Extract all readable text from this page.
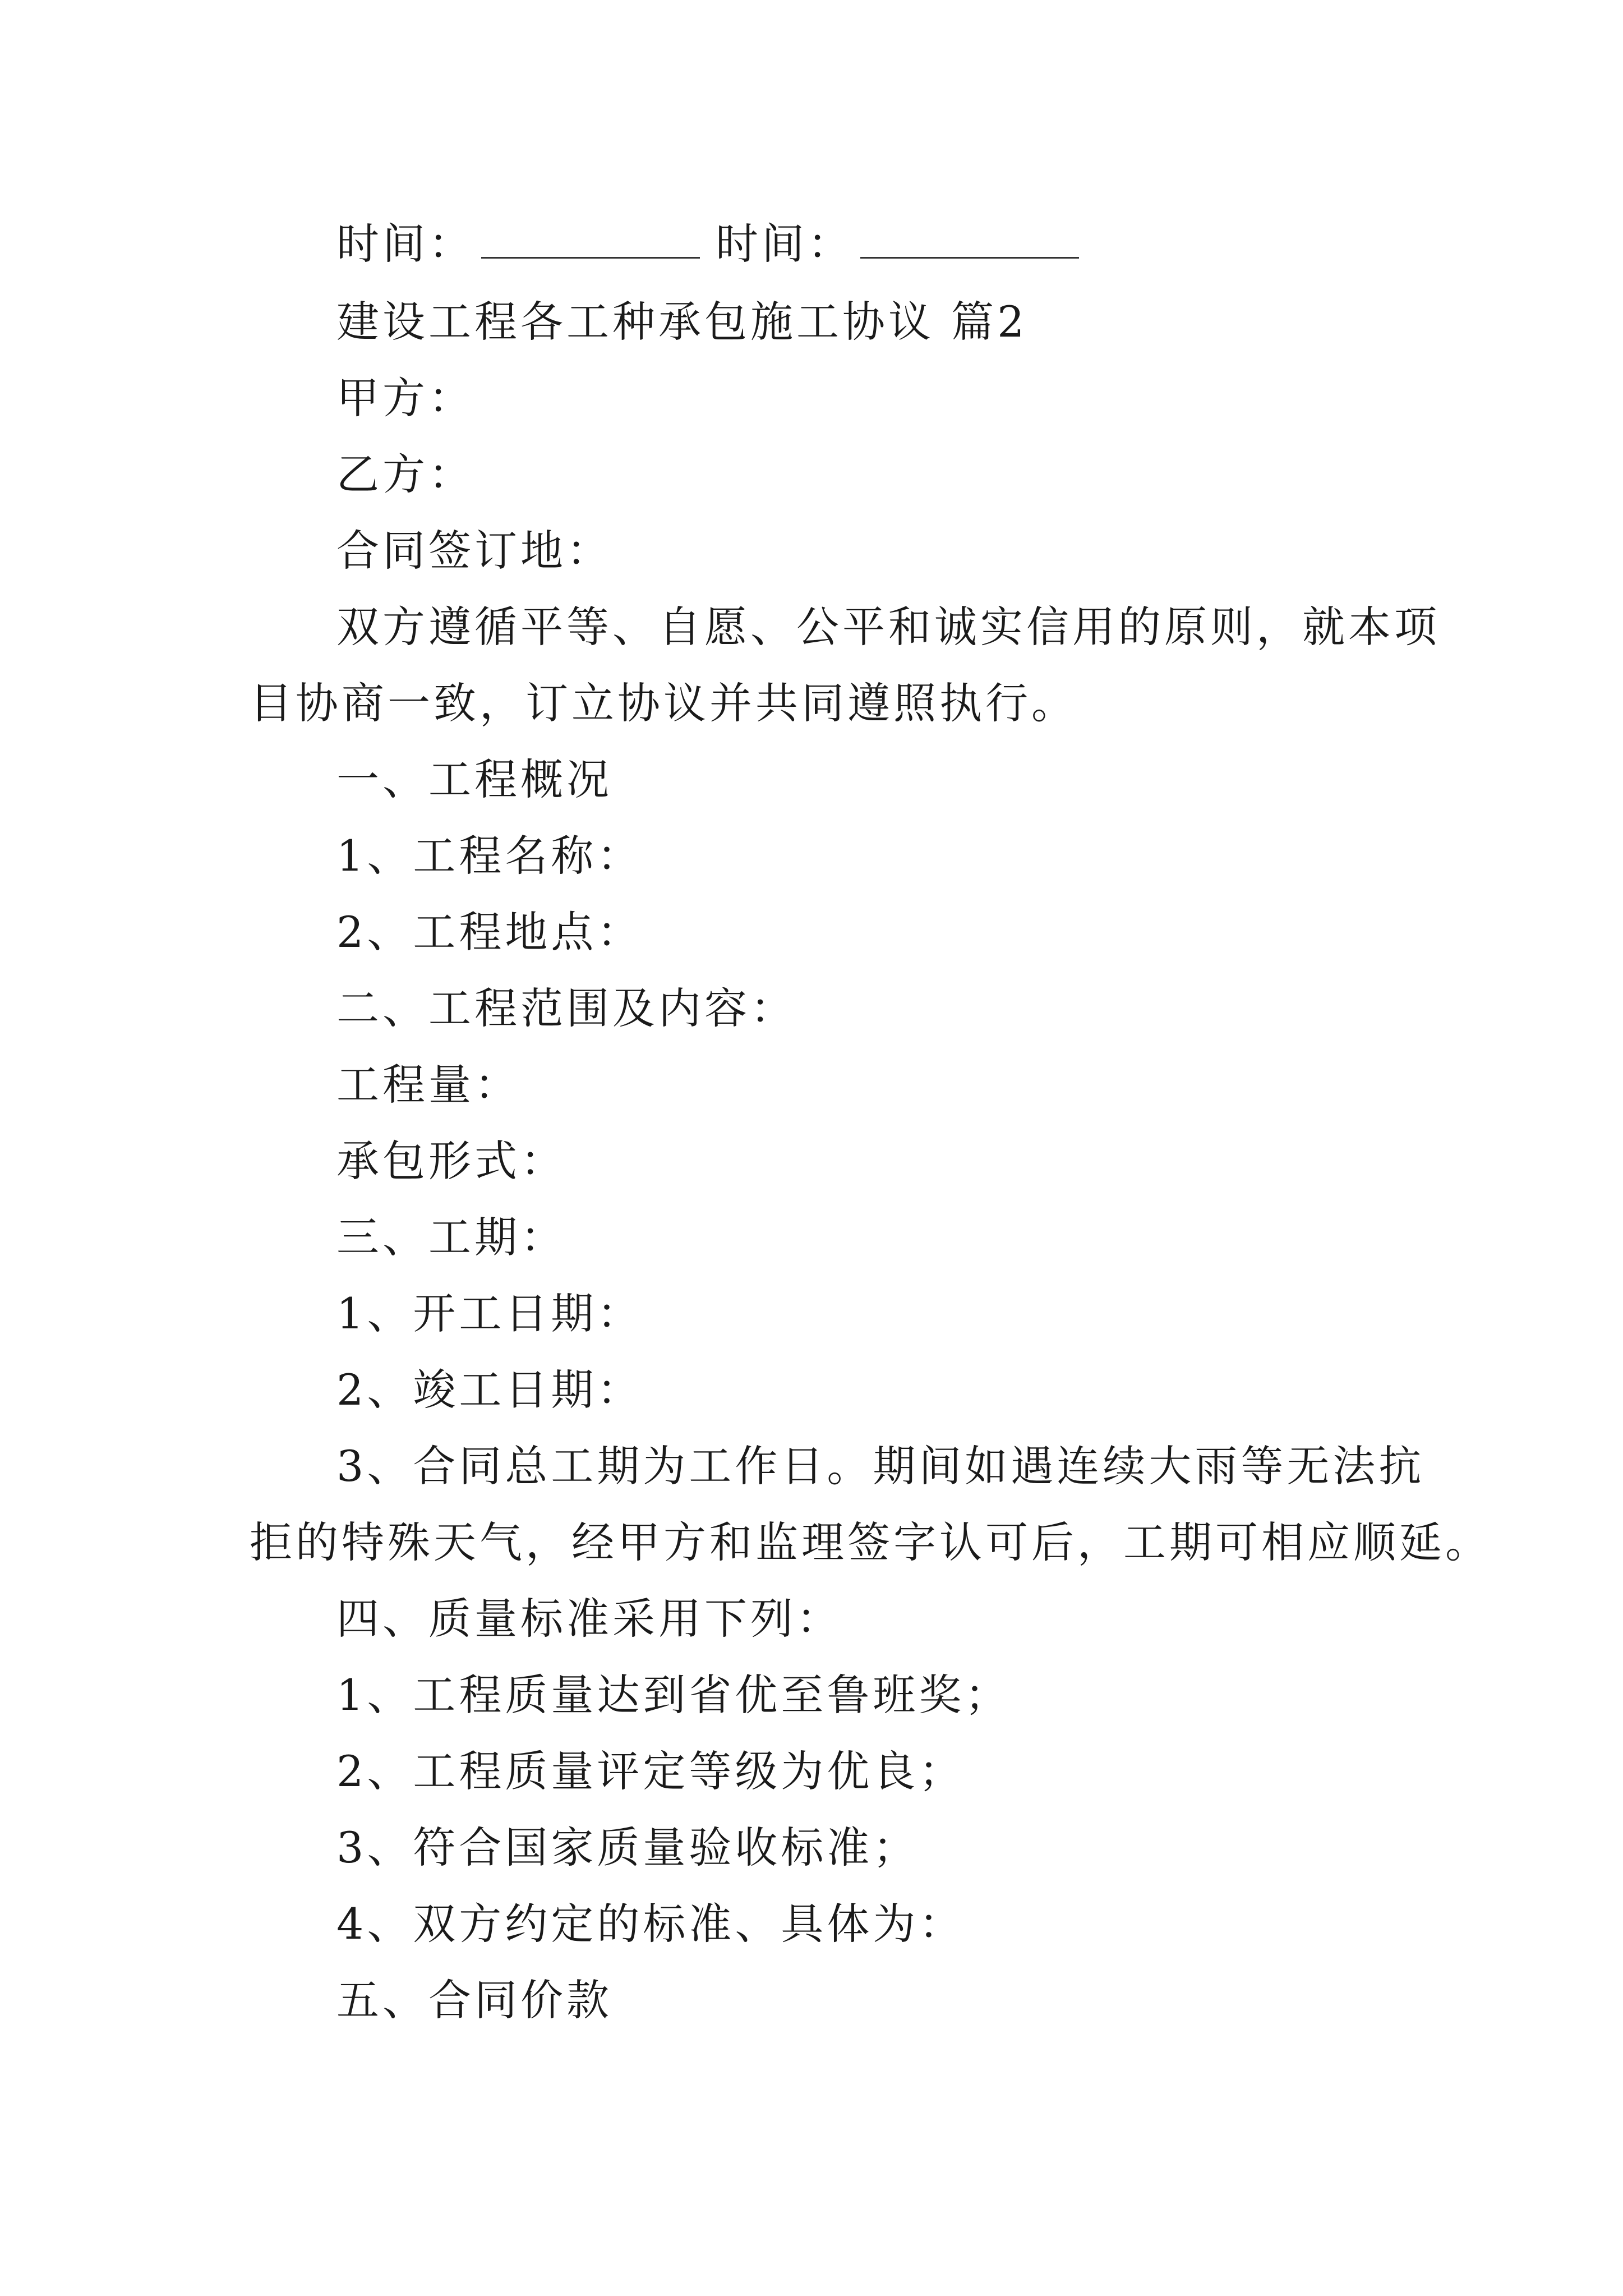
时间：	时间：
建设工程各工种承包施工协议 篇2
甲方：
乙方：
合同签订地：
双方遵循平等、自愿、公平和诚实信用的原则，就本项
目协商一致，订立协议并共同遵照执行。
一、工程概况
1、工程名称：
2、工程地点：
二、工程范围及内容：
工程量：
承包形式：
三、工期：
1、开工日期：
2、竣工日期：
3、合同总工期为工作日。期间如遇连续大雨等无法抗
拒的特殊天气，经甲方和监理签字认可后，工期可相应顺延。
四、质量标准采用下列：
1、工程质量达到省优至鲁班奖；
2、工程质量评定等级为优良；
3、符合国家质量验收标准；
4、双方约定的标准、具体为：
五、合同价款
